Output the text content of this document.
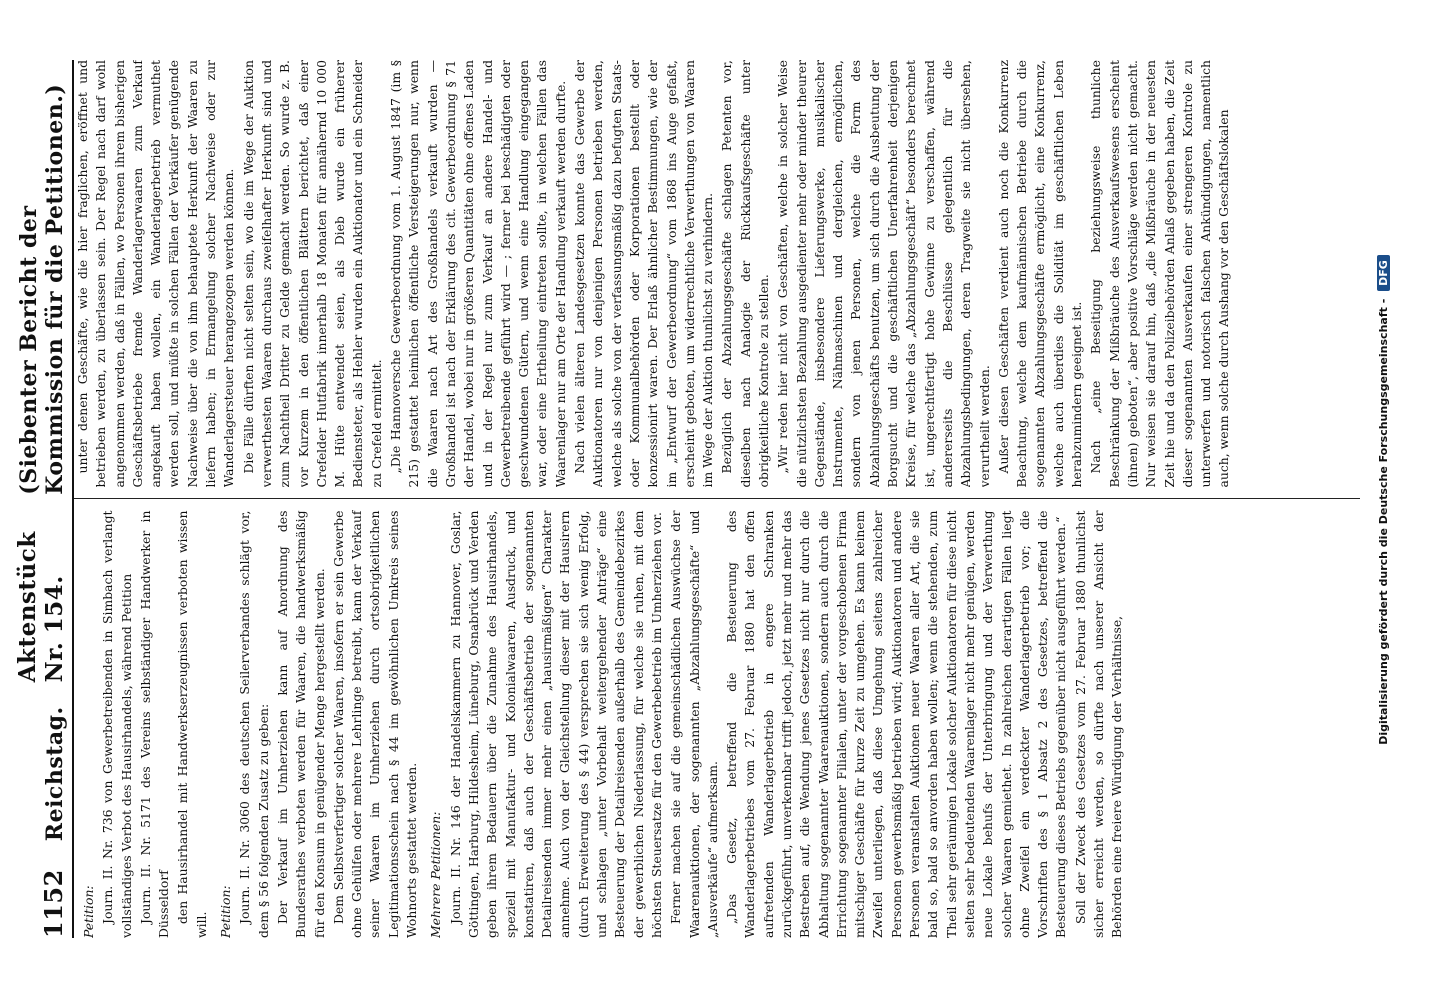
1152
Reichstag.
Aktenstück Nr. 154.
(Siebenter Bericht der Kommission für die Petitionen.)

Petition: Journ. II. Nr. 736 von Gewerbetreibenden in Simbach verlangt vollständiges Verbot des Hausirhandels, während Petition Journ. II. Nr. 5171 des Vereins selbständiger Handwerker in Düsseldorf den Hausirhandel mit Handwerkserzeugnissen verboten wissen will. Petition: Journ. II. Nr. 3060 des deutschen Seilerverbandes schlägt vor, dem § 56 folgenden Zusatz zu geben: Der Verkauf im Umherziehen kann auf Anordnung des Bundesrathes verboten werden für Waaren, die handwerksmäßig für den Konsum in genügender Menge hergestellt werden. Dem Selbstverfertiger solcher Waaren, insofern er sein Gewerbe ohne Gehülfen oder mehrere Lehrlinge betreibt, kann der Verkauf seiner Waaren im Umherziehen durch ortsobrigkeitlichen Legitimationsschein nach § 44 im gewöhnlichen Umkreis seines Wohnorts gestattet werden. Mehrere Petitionen: Journ. II. Nr. 146 der Handelskammern zu Hannover, Goslar, Göttingen, Harburg, Hildesheim, Lüneburg, Osnabrück und Verden geben ihrem Bedauern über die Zunahme des Hausirhandels, speziell mit Manufaktur- und Kolonialwaaren, Ausdruck, und konstatiren, daß auch der Geschäftsbetrieb der sogenannten Detailreisenden immer mehr einen „hausirmäßigen“ Charakter annehme. Auch von der Gleichstellung dieser mit der Hausirern (durch Erweiterung des § 44) versprechen sie sich wenig Erfolg, und schlagen „unter Vorbehalt weitergehender Anträge“ eine Besteuerung der Detailreisenden außerhalb des Gemeindebezirkes der gewerblichen Niederlassung, für welche sie ruhen, mit dem höchsten Steuersatze für den Gewerbebetrieb im Umherziehen vor. Ferner machen sie auf die gemeinschädlichen Auswüchse der Waarenauktionen, der sogenannten „Abzahlungsgeschäfte“ und „Ausverkäufe“ aufmerksam. „Das Gesetz, betreffend die Besteuerung des Wanderlagerbetriebes vom 27. Februar 1880 hat den offen aufretenden Wanderlagerbetrieb in engere Schranken zurückgeführt, unverkennbar trifft jedoch, jetzt mehr und mehr das Bestreben auf, die Wendung jenes Gesetzes nicht nur durch die Abhaltung sogenannter Waarenauktionen, sondern auch durch die Errichtung sogenannter Filialen, unter der vorgeschobenen Firma mitschiger Geschäfte für kurze Zeit zu umgehen. Es kann keinem Zweifel unterliegen, daß diese Umgehung seitens zahlreicher Personen gewerbsmäßig betrieben wird; Auktionatoren und andere Personen veranstalten Auktionen neuer Waaren aller Art, die sie bald so, bald so anvorden haben wollen; wenn die stehenden, zum Theil sehr geräumigen Lokale solcher Auktionatoren für diese nicht selten sehr bedeutenden Waarenlager nicht mehr genügen, werden neue Lokale behufs der Unterbringung und der Verwerthung solcher Waaren gemiethet. In zahlreichen derartigen Fällen liegt ohne Zweifel ein verdeckter Wanderlagerbetrieb vor; die Vorschriften des § 1 Absatz 2 des Gesetzes, betreffend die Besteuerung dieses Betriebs gegenüber nicht ausgeführt werden.“ Soll der Zweck des Gesetzes vom 27. Februar 1880 thunlichst sicher erreicht werden, so dürfte nach unserer Ansicht der Behörden eine freiere Würdigung der Verhältnisse,

unter denen Geschäfte, wie die hier fraglichen, eröffnet und betrieben werden, zu überlassen sein. Der Regel nach darf wohl angenommen werden, daß in Fällen, wo Personen ihrem bisherigen Geschäftsbetriebe fremde Wanderlagerwaaren zum Verkauf angekauft haben wollen, ein Wanderlagerbetrieb vermuthet werden soll, und müßte in solchen Fällen der Verkäufer genügende Nachweise über die von ihm behauptete Herkunft der Waaren zu liefern haben; in Ermangelung solcher Nachweise oder zur Wanderlagersteuer herangezogen werden können. Die Fälle dürften nicht selten sein, wo die im Wege der Auktion verwerthesten Waaren durchaus zweifelhafter Herkunft sind und zum Nachtheil Dritter zu Gelde gemacht werden. So wurde z. B. vor Kurzem in den öffentlichen Blättern berichtet, daß einer Crefelder Hutfabrik innerhalb 18 Monaten für annähernd 10 000 M. Hüte entwendet seien, als Dieb wurde ein früherer Bediensteter, als Hehler wurden ein Auktionator und ein Schneider zu Crefeld ermittelt. „Die Hannoversche Gewerbeordnung vom 1. August 1847 (im § 215) gestattet heimlichen öffentliche Versteigerungen nur, wenn die Waaren nach Art des Großhandels verkauft wurden — Großhandel ist nach der Erklärung des cit. Gewerbeordnung § 71 der Handel, wobei nur in größeren Quantitäten ohne offenes Laden und in der Regel nur zum Verkauf an andere Handel- und Gewerbetreibende geführt wird — ; ferner bei beschädigten oder geschwundenen Gütern, und wenn eine Handlung eingegangen war, oder eine Ertheilung eintreten sollte, in welchen Fällen das Waarenlager nur am Orte der Handlung verkauft werden durfte. Nach vielen älteren Landesgesetzen konnte das Gewerbe der Auktionatoren nur von denjenigen Personen betrieben werden, welche als solche von der verfassungsmäßig dazu befugten Staats- oder Kommunalbehörden oder Korporationen bestellt oder konzessionirt waren. Der Erlaß ähnlicher Bestimmungen, wie der im „Entwurf der Gewerbeordnung“ vom 1868 ins Auge gefaßt, erscheint geboten, um widerrechtliche Verwerthungen von Waaren im Wege der Auktion thunlichst zu verhindern. Bezüglich der Abzahlungsgeschäfte schlagen Petenten vor, dieselben nach Analogie der Rückkaufsgeschäfte unter obrigkeitliche Kontrole zu stellen. „Wir reden hier nicht von Geschäften, welche in solcher Weise die nützlichsten Bezahlung ausgedienter mehr oder minder theurer Gegenstände, insbesondere Lieferungswerke, musikalischer Instrumente, Nähmaschinen und dergleichen, ermöglichen, sondern von jenen Personen, welche die Form des Abzahlungsgeschäfts benutzen, um sich durch die Ausbeutung der Borgsucht und die geschäftlichen Unerfahrenheit derjenigen Kreise, für welche das „Abzahlungsgeschäft“ besonders berechnet ist, ungerechtfertigt hohe Gewinne zu verschaffen, während andererseits die Beschlüsse gelegentlich für die Abzahlungsbedingungen, deren Tragweite sie nicht übersehen, verurtheilt werden. Außer diesen Geschäften verdient auch noch die Konkurrenz Beachtung, welche dem kaufmännischen Betriebe durch die sogenannten Abzahlungsgeschäfte ermöglicht, eine Konkurrenz, welche auch überdies die Solidität im geschäftlichen Leben herabzumindern geeignet ist. Nach „eine Beseitigung beziehungsweise thunliche Beschränkung der Mißbräuche des Ausverkaufswesens erscheint (ihnen) geboten“, aber positive Vorschläge werden nicht gemacht. Nur weisen sie darauf hin, daß „die Mißbräuche in der neuesten Zeit hie und da den Polizeibehörden Anlaß gegeben haben, die Zeit dieser sogenannten Ausverkaufen einer strengeren Kontrole zu unterwerfen und notorisch falschen Ankündigungen, namentlich auch, wenn solche durch Aushang vor den Geschäftslokalen

Digitalisierung gefördert durch die Deutsche Forschungsgemeinschaft - DFG
